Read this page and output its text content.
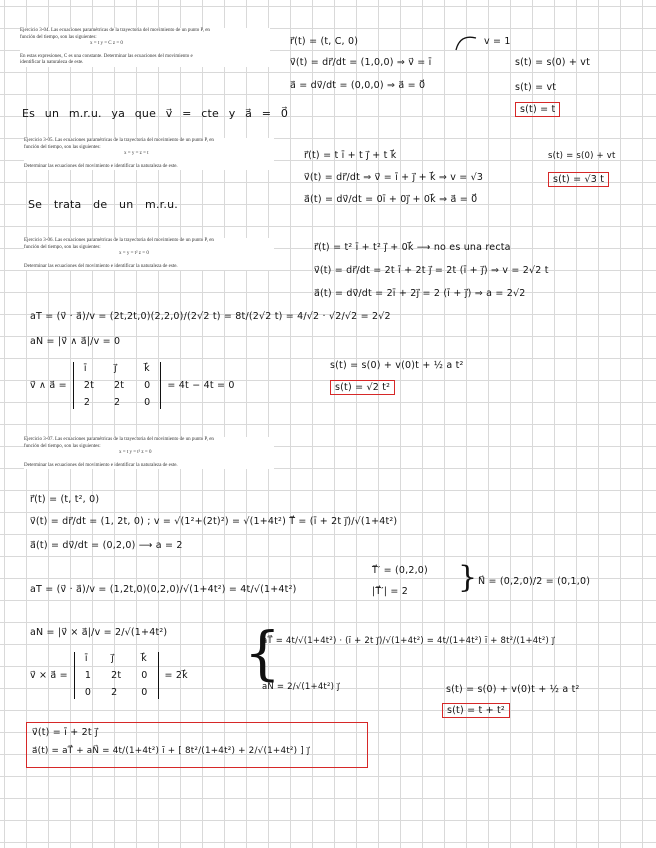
Ejercicio 3-04. Las ecuaciones paramétricas de la trayectoria del movimiento de un punto P, en
función del tiempo, son las siguientes:
x = t y = C z = 0
En estas expresiones, C es una constante. Determinar las ecuaciones del movimiento e
identificar la naturaleza de este.
r⃗(t) = (t, C, 0)
v⃗(t) = dr⃗/dt = (1,0,0) ⇒ v⃗ = ī
a⃗ = dv⃗/dt = (0,0,0) ⇒ a⃗ = 0⃗
v = 1
s(t) = s(0) + vt
s(t) = vt
s(t) = t
Es un m.r.u. ya que v⃗ = cte y a⃗ = 0⃗
Ejercicio 3-05. Las ecuaciones paramétricas de la trayectoria del movimiento de un punto P, en
función del tiempo, son las siguientes:
x = y = z = t
Determinar las ecuaciones del movimiento e identificar la naturaleza de este.
r⃗(t) = t ī + t j⃗ + t k⃗
v⃗(t) = dr⃗/dt ⇒ v⃗ = ī + j⃗ + k⃗ ⇒ v = √3
a⃗(t) = dv⃗/dt = 0ī + 0j⃗ + 0k⃗ ⇒ a⃗ = 0⃗
s(t) = s(0) + vt
s(t) = √3 t
Se trata de un m.r.u.
Ejercicio 3-06. Las ecuaciones paramétricas de la trayectoria del movimiento de un punto P, en
función del tiempo, son las siguientes:
x = y = t² z = 0
Determinar las ecuaciones del movimiento e identificar la naturaleza de este.
r⃗(t) = t² ī + t² j⃗ + 0k⃗ ⟶ no es una recta
v⃗(t) = dr⃗/dt = 2t ī + 2t j⃗ = 2t (ī + j⃗) ⇒ v = 2√2 t
a⃗(t) = dv⃗/dt = 2ī + 2j⃗ = 2 (ī + j⃗) ⇒ a = 2√2
aT = (v⃗ · a⃗)/v = (2t,2t,0)(2,2,0)/(2√2 t) = 8t/(2√2 t) = 4/√2 · √2/√2 = 2√2
aN = |v⃗ ∧ a⃗|/v = 0
v⃗ ∧ a⃗ =
ī	j⃗	k⃗
2t	2t	0
2	2	0
= 4t − 4t = 0
s(t) = s(0) + v(0)t + ½ a t²
s(t) = √2 t²
Ejercicio 3-07. Las ecuaciones paramétricas de la trayectoria del movimiento de un punto P, en
función del tiempo, son las siguientes:
x = t y = t² z = 0
Determinar las ecuaciones del movimiento e identificar la naturaleza de este.
r⃗(t) = (t, t², 0)
v⃗(t) = dr⃗/dt = (1, 2t, 0) ; v = √(1²+(2t)²) = √(1+4t²) T⃗ = (ī + 2t j⃗)/√(1+4t²)
a⃗(t) = dv⃗/dt = (0,2,0) ⟶ a = 2
T⃗′ = (0,2,0)
|T⃗′| = 2 } N⃗ = (0,2,0)/2 = (0,1,0)
aT = (v⃗ · a⃗)/v = (1,2t,0)(0,2,0)/√(1+4t²) = 4t/√(1+4t²)
aN = |v⃗ × a⃗|/v = 2/√(1+4t²)
v⃗ × a⃗ =
ī	j⃗	k⃗
1	2t	0
0	2	0
= 2k⃗ {
aT⃗ = 4t/√(1+4t²) · (ī + 2t j⃗)/√(1+4t²) = 4t/(1+4t²) ī + 8t²/(1+4t²) j⃗
aN⃗ = 2/√(1+4t²) j⃗	s(t) = s(0) + v(0)t + ½ a t²
s(t) = t + t²
v⃗(t) = ī + 2t j⃗
a⃗(t) = aT⃗ + aN⃗ = 4t/(1+4t²) ī + [ 8t²/(1+4t²) + 2/√(1+4t²) ] j⃗
